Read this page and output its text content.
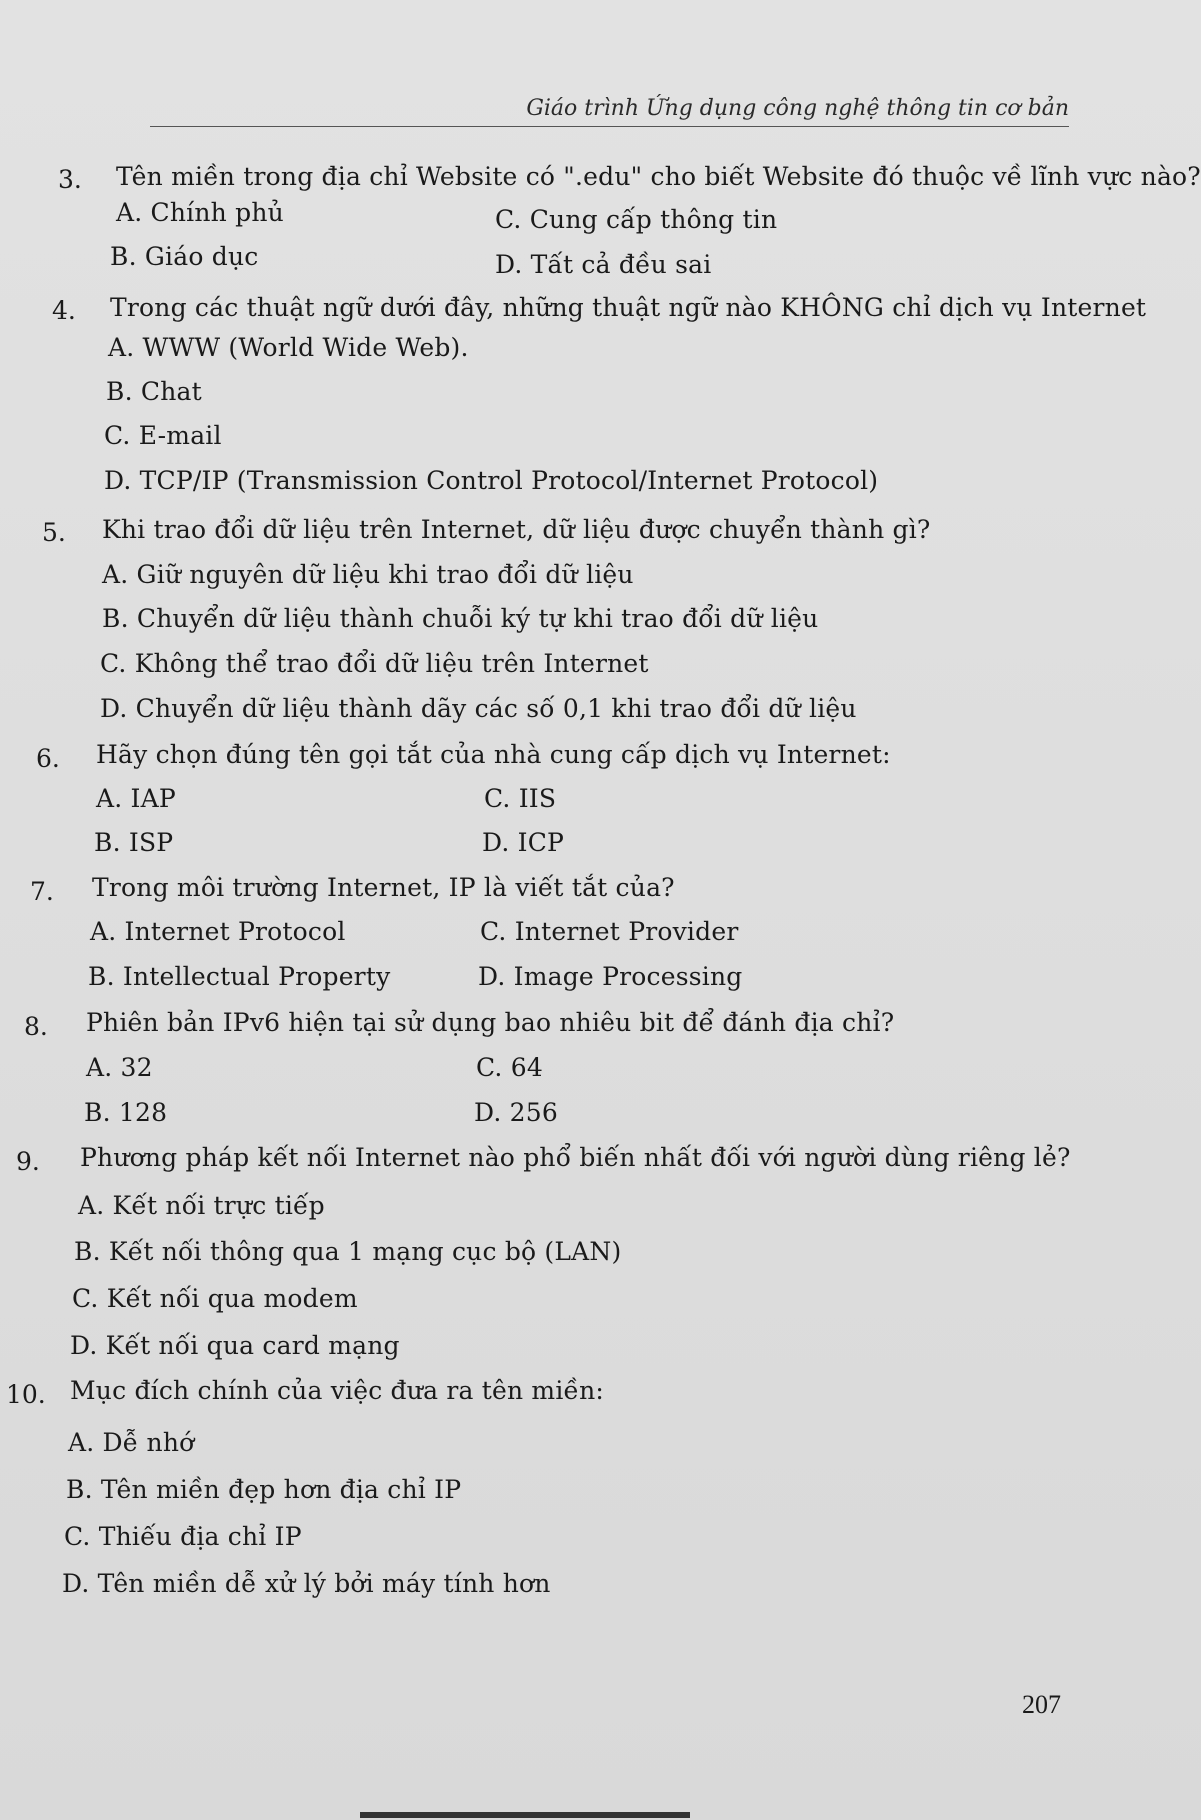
Giáo trình Ứng dụng công nghệ thông tin cơ bản
3. Tên miền trong địa chỉ Website có ".edu" cho biết Website đó thuộc về lĩnh vực nào?
A. Chính phủ	C. Cung cấp thông tin
B. Giáo dục	D. Tất cả đều sai
4. Trong các thuật ngữ dưới đây, những thuật ngữ nào KHÔNG chỉ dịch vụ Internet
A. WWW (World Wide Web).
B. Chat
C. E-mail
D. TCP/IP (Transmission Control Protocol/Internet Protocol)
5. Khi trao đổi dữ liệu trên Internet, dữ liệu được chuyển thành gì?
A. Giữ nguyên dữ liệu khi trao đổi dữ liệu
B. Chuyển dữ liệu thành chuỗi ký tự khi trao đổi dữ liệu
C. Không thể trao đổi dữ liệu trên Internet
D. Chuyển dữ liệu thành dãy các số 0,1 khi trao đổi dữ liệu
6. Hãy chọn đúng tên gọi tắt của nhà cung cấp dịch vụ Internet:
A. IAP	C. IIS
B. ISP	D. ICP
7. Trong môi trường Internet, IP là viết tắt của?
A. Internet Protocol	C. Internet Provider
B. Intellectual Property	D. Image Processing
8. Phiên bản IPv6 hiện tại sử dụng bao nhiêu bit để đánh địa chỉ?
A. 32	C. 64
B. 128	D. 256
9. Phương pháp kết nối Internet nào phổ biến nhất đối với người dùng riêng lẻ?
A. Kết nối trực tiếp
B. Kết nối thông qua 1 mạng cục bộ (LAN)
C. Kết nối qua modem
D. Kết nối qua card mạng
10. Mục đích chính của việc đưa ra tên miền:
A. Dễ nhớ
B. Tên miền đẹp hơn địa chỉ IP
C. Thiếu địa chỉ IP
D. Tên miền dễ xử lý bởi máy tính hơn
207
